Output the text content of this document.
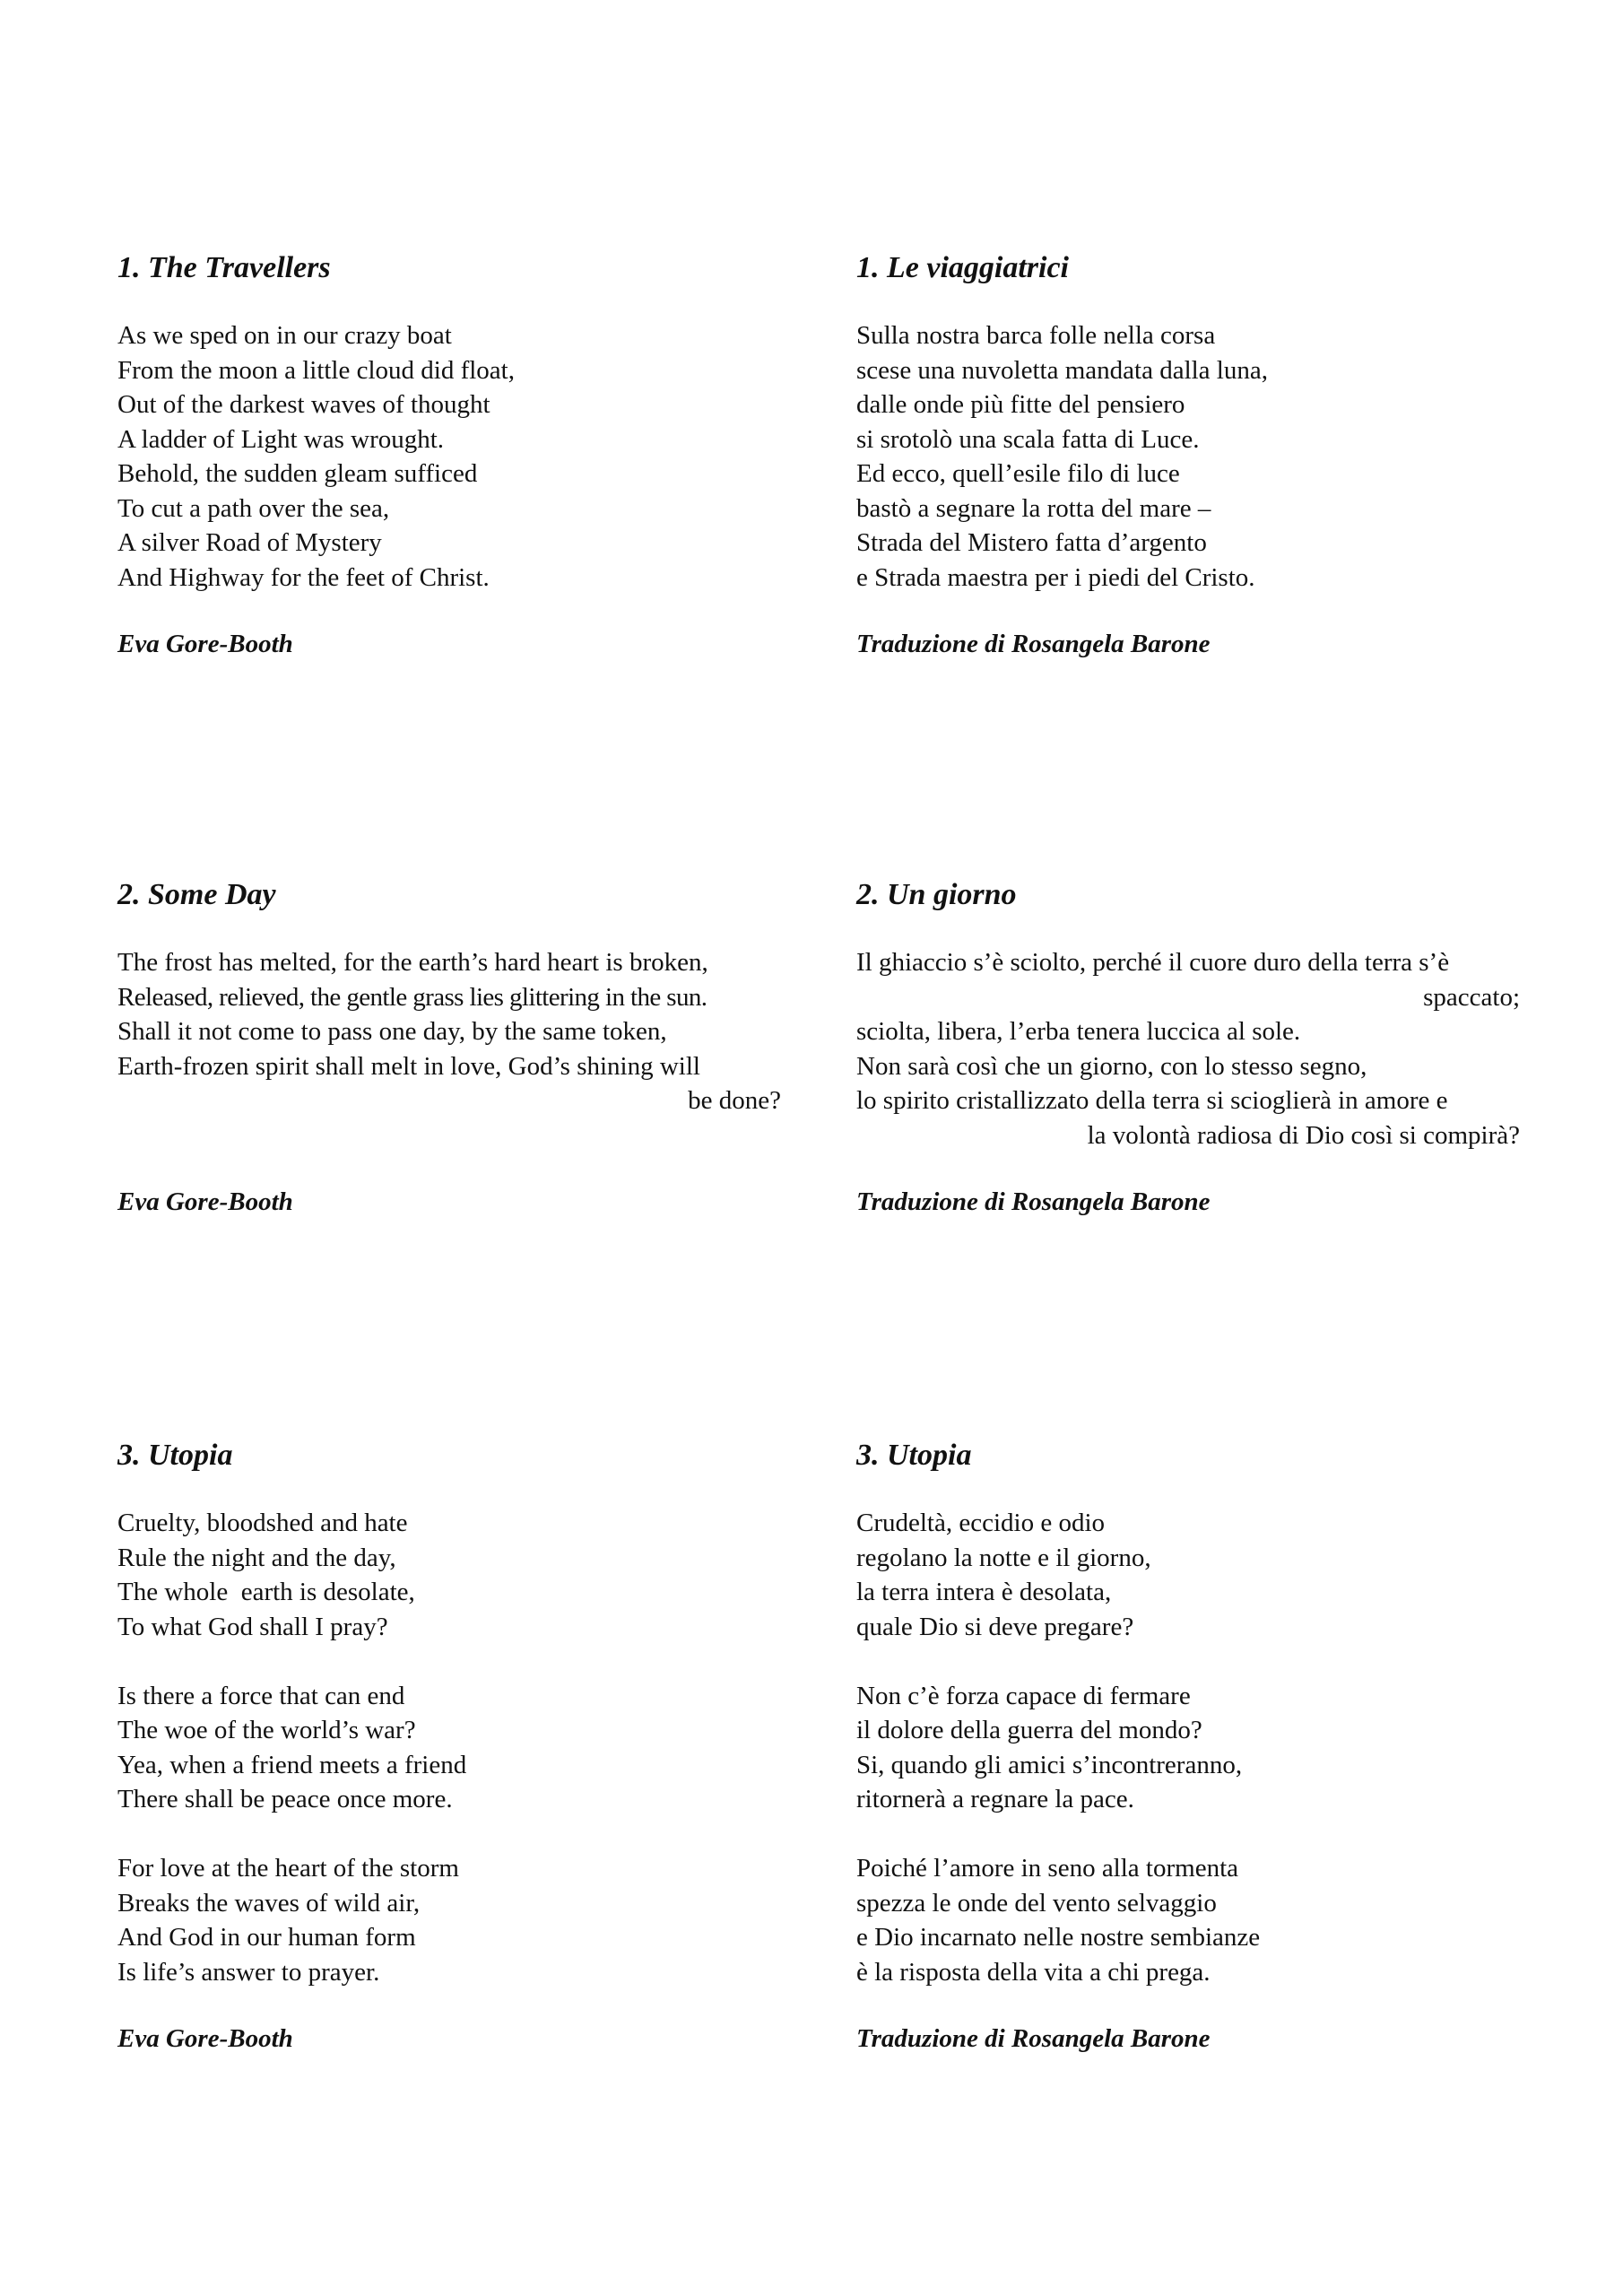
1. The Travellers

As we sped on in our crazy boat
From the moon a little cloud did float,
Out of the darkest waves of thought
A ladder of Light was wrought.
Behold, the sudden gleam sufficed
To cut a path over the sea,
A silver Road of Mystery
And Highway for the feet of Christ.

Eva Gore-Booth

1. Le viaggiatrici

Sulla nostra barca folle nella corsa
scese una nuvoletta mandata dalla luna,
dalle onde più fitte del pensiero
si srotolò una scala fatta di Luce.
Ed ecco, quell’esile filo di luce
bastò a segnare la rotta del mare –
Strada del Mistero fatta d’argento
e Strada maestra per i piedi del Cristo.

Traduzione di Rosangela Barone

2. Some Day

The frost has melted, for the earth’s hard heart is broken,
Released, relieved, the gentle grass lies glittering in the sun.
Shall it not come to pass one day, by the same token,
Earth-frozen spirit shall melt in love, God’s shining will
be done?

Eva Gore-Booth

2. Un giorno

Il ghiaccio s’è sciolto, perché il cuore duro della terra s’è
spaccato;
sciolta, libera, l’erba tenera luccica al sole.
Non sarà così che un giorno, con lo stesso segno,
lo spirito cristallizzato della terra si scioglierà in amore e
la volontà radiosa di Dio così si compirà?

Traduzione di Rosangela Barone

3. Utopia

Cruelty, bloodshed and hate
Rule the night and the day,
The whole  earth is desolate,
To what God shall I pray?

Is there a force that can end
The woe of the world’s war?
Yea, when a friend meets a friend
There shall be peace once more.

For love at the heart of the storm
Breaks the waves of wild air,
And God in our human form
Is life’s answer to prayer.

Eva Gore-Booth

3. Utopia

Crudeltà, eccidio e odio
regolano la notte e il giorno,
la terra intera è desolata,
quale Dio si deve pregare?

Non c’è forza capace di fermare
il dolore della guerra del mondo?
Si, quando gli amici s’incontreranno,
ritornerà a regnare la pace.

Poiché l’amore in seno alla tormenta
spezza le onde del vento selvaggio
e Dio incarnato nelle nostre sembianze
è la risposta della vita a chi prega.

Traduzione di Rosangela Barone
